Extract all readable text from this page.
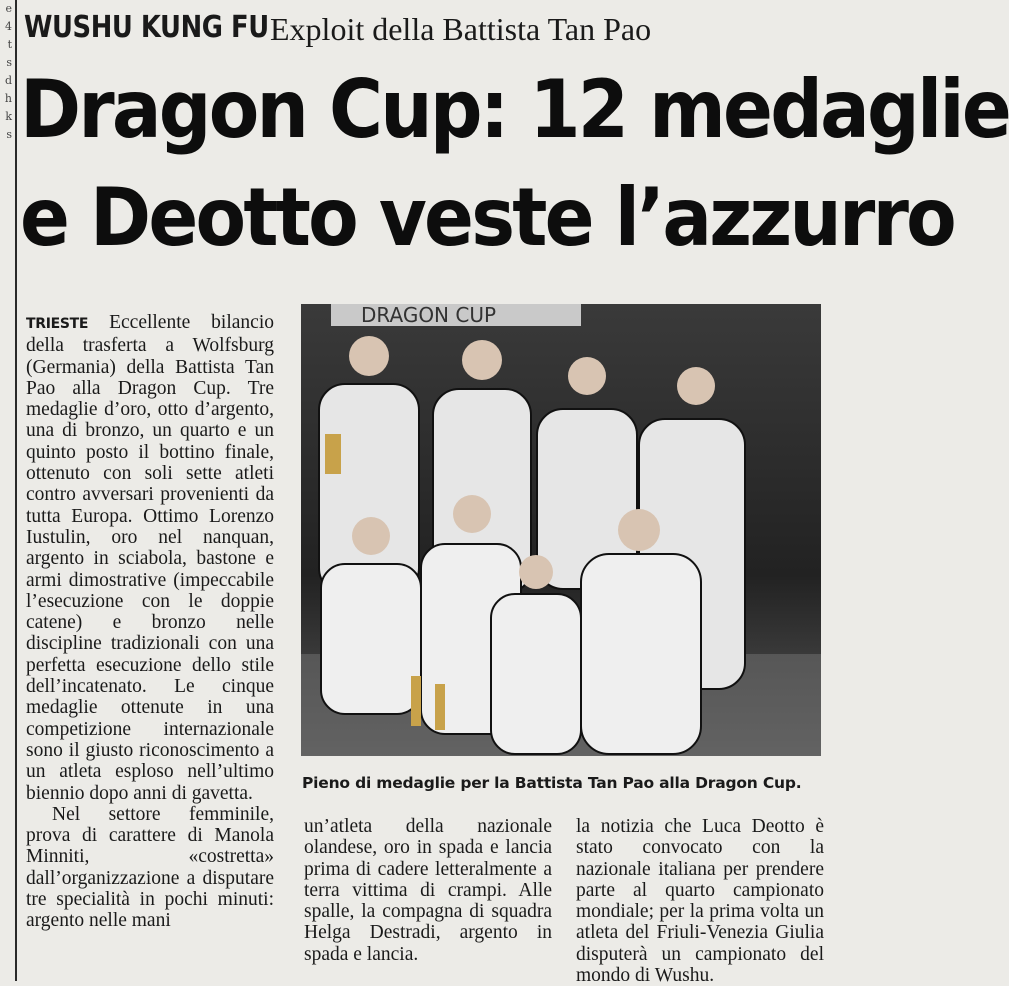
e
4
t
s
d
h
k
s
WUSHU KUNG FU Exploit della Battista Tan Pao
Dragon Cup: 12 medaglie
e Deotto veste l’azzurro

TRIESTE Eccellente bilancio della trasferta a Wolfsburg (Germania) della Battista Tan Pao alla Dragon Cup. Tre medaglie d’oro, otto d’argento, una di bronzo, un quarto e un quinto posto il bottino finale, ottenuto con soli sette atleti contro avversari provenienti da tutta Europa. Ottimo Lorenzo Iustulin, oro nel nanquan, argento in sciabola, bastone e armi dimostrative (impeccabile l’esecuzione con le doppie catene) e bronzo nelle discipline tradizionali con una perfetta esecuzione dello stile dell’incatenato. Le cinque medaglie ottenute in una competizione internazionale sono il giusto riconoscimento a un atleta esploso nell’ultimo biennio dopo anni di gavetta.

Nel settore femminile, prova di carattere di Manola Minniti, «costretta» dall’organizzazione a disputare tre specialità in pochi minuti: argento nelle mani

DRAGON CUP
Pieno di medaglie per la Battista Tan Pao alla Dragon Cup.
un’atleta della nazionale olandese, oro in spada e lancia prima di cadere letteralmente a terra vittima di crampi. Alle spalle, la compagna di squadra Helga Destradi, argento in spada e lancia.
la notizia che Luca Deotto è stato convocato con la nazionale italiana per prendere parte al quarto campionato mondiale; per la prima volta un atleta del Friuli-Venezia Giulia disputerà un campionato del mondo di Wushu.
